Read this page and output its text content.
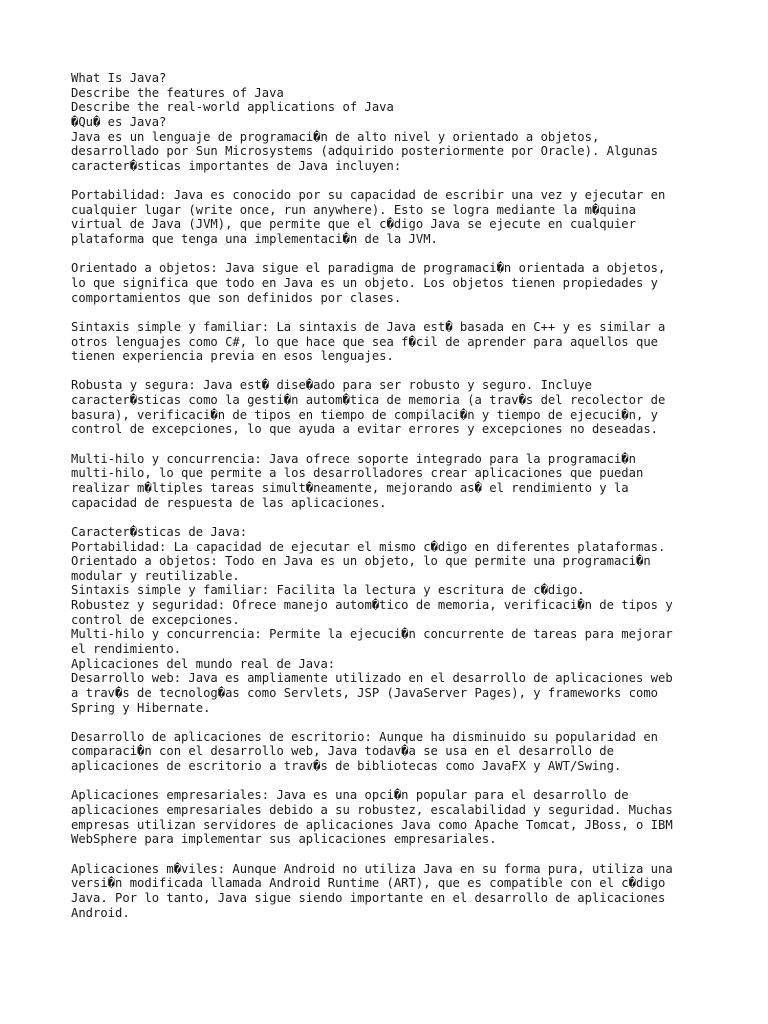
What Is Java?
Describe the features of Java
Describe the real-world applications of Java
�Qu� es Java?
Java es un lenguaje de programaci�n de alto nivel y orientado a objetos,
desarrollado por Sun Microsystems (adquirido posteriormente por Oracle). Algunas
caracter�sticas importantes de Java incluyen:
Portabilidad: Java es conocido por su capacidad de escribir una vez y ejecutar en
cualquier lugar (write once, run anywhere). Esto se logra mediante la m�quina
virtual de Java (JVM), que permite que el c�digo Java se ejecute en cualquier
plataforma que tenga una implementaci�n de la JVM.
Orientado a objetos: Java sigue el paradigma de programaci�n orientada a objetos,
lo que significa que todo en Java es un objeto. Los objetos tienen propiedades y
comportamientos que son definidos por clases.
Sintaxis simple y familiar: La sintaxis de Java est� basada en C++ y es similar a
otros lenguajes como C#, lo que hace que sea f�cil de aprender para aquellos que
tienen experiencia previa en esos lenguajes.
Robusta y segura: Java est� dise�ado para ser robusto y seguro. Incluye
caracter�sticas como la gesti�n autom�tica de memoria (a trav�s del recolector de
basura), verificaci�n de tipos en tiempo de compilaci�n y tiempo de ejecuci�n, y
control de excepciones, lo que ayuda a evitar errores y excepciones no deseadas.
Multi-hilo y concurrencia: Java ofrece soporte integrado para la programaci�n
multi-hilo, lo que permite a los desarrolladores crear aplicaciones que puedan
realizar m�ltiples tareas simult�neamente, mejorando as� el rendimiento y la
capacidad de respuesta de las aplicaciones.
Caracter�sticas de Java:
Portabilidad: La capacidad de ejecutar el mismo c�digo en diferentes plataformas.
Orientado a objetos: Todo en Java es un objeto, lo que permite una programaci�n
modular y reutilizable.
Sintaxis simple y familiar: Facilita la lectura y escritura de c�digo.
Robustez y seguridad: Ofrece manejo autom�tico de memoria, verificaci�n de tipos y
control de excepciones.
Multi-hilo y concurrencia: Permite la ejecuci�n concurrente de tareas para mejorar
el rendimiento.
Aplicaciones del mundo real de Java:
Desarrollo web: Java es ampliamente utilizado en el desarrollo de aplicaciones web
a trav�s de tecnolog�as como Servlets, JSP (JavaServer Pages), y frameworks como
Spring y Hibernate.
Desarrollo de aplicaciones de escritorio: Aunque ha disminuido su popularidad en
comparaci�n con el desarrollo web, Java todav�a se usa en el desarrollo de
aplicaciones de escritorio a trav�s de bibliotecas como JavaFX y AWT/Swing.
Aplicaciones empresariales: Java es una opci�n popular para el desarrollo de
aplicaciones empresariales debido a su robustez, escalabilidad y seguridad. Muchas
empresas utilizan servidores de aplicaciones Java como Apache Tomcat, JBoss, o IBM
WebSphere para implementar sus aplicaciones empresariales.
Aplicaciones m�viles: Aunque Android no utiliza Java en su forma pura, utiliza una
versi�n modificada llamada Android Runtime (ART), que es compatible con el c�digo
Java. Por lo tanto, Java sigue siendo importante en el desarrollo de aplicaciones
Android.
